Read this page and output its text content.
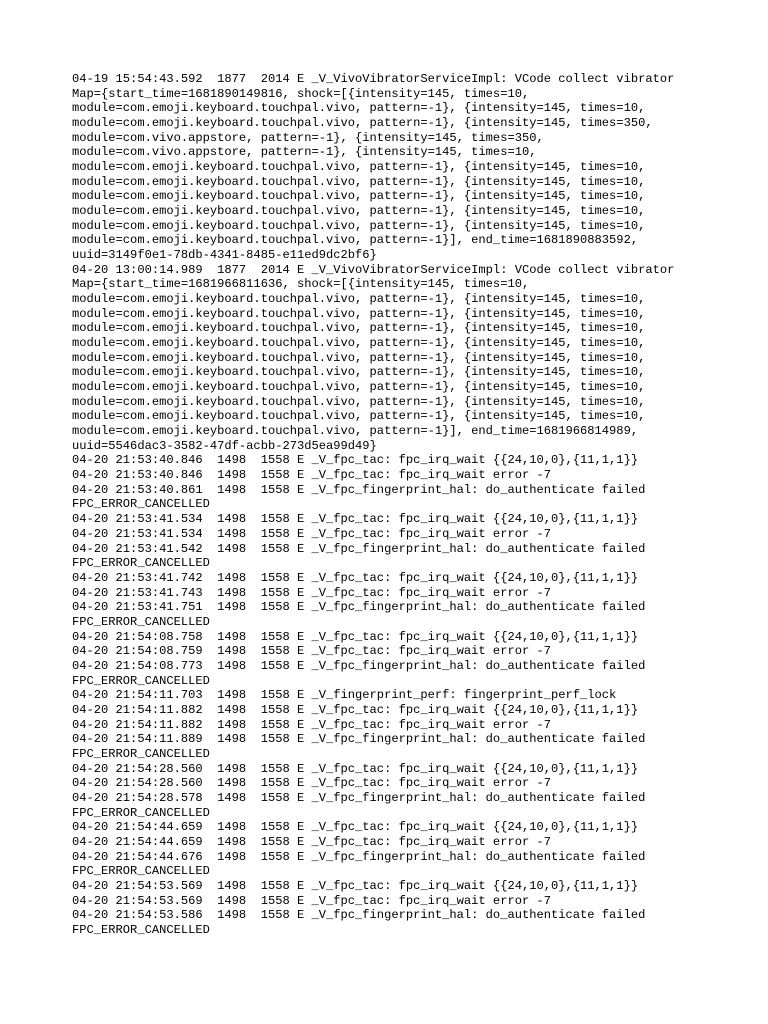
04-19 15:54:43.592  1877  2014 E _V_VivoVibratorServiceImpl: VCode collect vibrator
Map={start_time=1681890149816, shock=[{intensity=145, times=10,
module=com.emoji.keyboard.touchpal.vivo, pattern=-1}, {intensity=145, times=10,
module=com.emoji.keyboard.touchpal.vivo, pattern=-1}, {intensity=145, times=350,
module=com.vivo.appstore, pattern=-1}, {intensity=145, times=350,
module=com.vivo.appstore, pattern=-1}, {intensity=145, times=10,
module=com.emoji.keyboard.touchpal.vivo, pattern=-1}, {intensity=145, times=10,
module=com.emoji.keyboard.touchpal.vivo, pattern=-1}, {intensity=145, times=10,
module=com.emoji.keyboard.touchpal.vivo, pattern=-1}, {intensity=145, times=10,
module=com.emoji.keyboard.touchpal.vivo, pattern=-1}, {intensity=145, times=10,
module=com.emoji.keyboard.touchpal.vivo, pattern=-1}, {intensity=145, times=10,
module=com.emoji.keyboard.touchpal.vivo, pattern=-1}], end_time=1681890883592,
uuid=3149f0e1-78db-4341-8485-e11ed9dc2bf6}
04-20 13:00:14.989  1877  2014 E _V_VivoVibratorServiceImpl: VCode collect vibrator
Map={start_time=1681966811636, shock=[{intensity=145, times=10,
module=com.emoji.keyboard.touchpal.vivo, pattern=-1}, {intensity=145, times=10,
module=com.emoji.keyboard.touchpal.vivo, pattern=-1}, {intensity=145, times=10,
module=com.emoji.keyboard.touchpal.vivo, pattern=-1}, {intensity=145, times=10,
module=com.emoji.keyboard.touchpal.vivo, pattern=-1}, {intensity=145, times=10,
module=com.emoji.keyboard.touchpal.vivo, pattern=-1}, {intensity=145, times=10,
module=com.emoji.keyboard.touchpal.vivo, pattern=-1}, {intensity=145, times=10,
module=com.emoji.keyboard.touchpal.vivo, pattern=-1}, {intensity=145, times=10,
module=com.emoji.keyboard.touchpal.vivo, pattern=-1}, {intensity=145, times=10,
module=com.emoji.keyboard.touchpal.vivo, pattern=-1}, {intensity=145, times=10,
module=com.emoji.keyboard.touchpal.vivo, pattern=-1}], end_time=1681966814989,
uuid=5546dac3-3582-47df-acbb-273d5ea99d49}
04-20 21:53:40.846  1498  1558 E _V_fpc_tac: fpc_irq_wait {{24,10,0},{11,1,1}}
04-20 21:53:40.846  1498  1558 E _V_fpc_tac: fpc_irq_wait error -7
04-20 21:53:40.861  1498  1558 E _V_fpc_fingerprint_hal: do_authenticate failed
FPC_ERROR_CANCELLED
04-20 21:53:41.534  1498  1558 E _V_fpc_tac: fpc_irq_wait {{24,10,0},{11,1,1}}
04-20 21:53:41.534  1498  1558 E _V_fpc_tac: fpc_irq_wait error -7
04-20 21:53:41.542  1498  1558 E _V_fpc_fingerprint_hal: do_authenticate failed
FPC_ERROR_CANCELLED
04-20 21:53:41.742  1498  1558 E _V_fpc_tac: fpc_irq_wait {{24,10,0},{11,1,1}}
04-20 21:53:41.743  1498  1558 E _V_fpc_tac: fpc_irq_wait error -7
04-20 21:53:41.751  1498  1558 E _V_fpc_fingerprint_hal: do_authenticate failed
FPC_ERROR_CANCELLED
04-20 21:54:08.758  1498  1558 E _V_fpc_tac: fpc_irq_wait {{24,10,0},{11,1,1}}
04-20 21:54:08.759  1498  1558 E _V_fpc_tac: fpc_irq_wait error -7
04-20 21:54:08.773  1498  1558 E _V_fpc_fingerprint_hal: do_authenticate failed
FPC_ERROR_CANCELLED
04-20 21:54:11.703  1498  1558 E _V_fingerprint_perf: fingerprint_perf_lock
04-20 21:54:11.882  1498  1558 E _V_fpc_tac: fpc_irq_wait {{24,10,0},{11,1,1}}
04-20 21:54:11.882  1498  1558 E _V_fpc_tac: fpc_irq_wait error -7
04-20 21:54:11.889  1498  1558 E _V_fpc_fingerprint_hal: do_authenticate failed
FPC_ERROR_CANCELLED
04-20 21:54:28.560  1498  1558 E _V_fpc_tac: fpc_irq_wait {{24,10,0},{11,1,1}}
04-20 21:54:28.560  1498  1558 E _V_fpc_tac: fpc_irq_wait error -7
04-20 21:54:28.578  1498  1558 E _V_fpc_fingerprint_hal: do_authenticate failed
FPC_ERROR_CANCELLED
04-20 21:54:44.659  1498  1558 E _V_fpc_tac: fpc_irq_wait {{24,10,0},{11,1,1}}
04-20 21:54:44.659  1498  1558 E _V_fpc_tac: fpc_irq_wait error -7
04-20 21:54:44.676  1498  1558 E _V_fpc_fingerprint_hal: do_authenticate failed
FPC_ERROR_CANCELLED
04-20 21:54:53.569  1498  1558 E _V_fpc_tac: fpc_irq_wait {{24,10,0},{11,1,1}}
04-20 21:54:53.569  1498  1558 E _V_fpc_tac: fpc_irq_wait error -7
04-20 21:54:53.586  1498  1558 E _V_fpc_fingerprint_hal: do_authenticate failed
FPC_ERROR_CANCELLED
